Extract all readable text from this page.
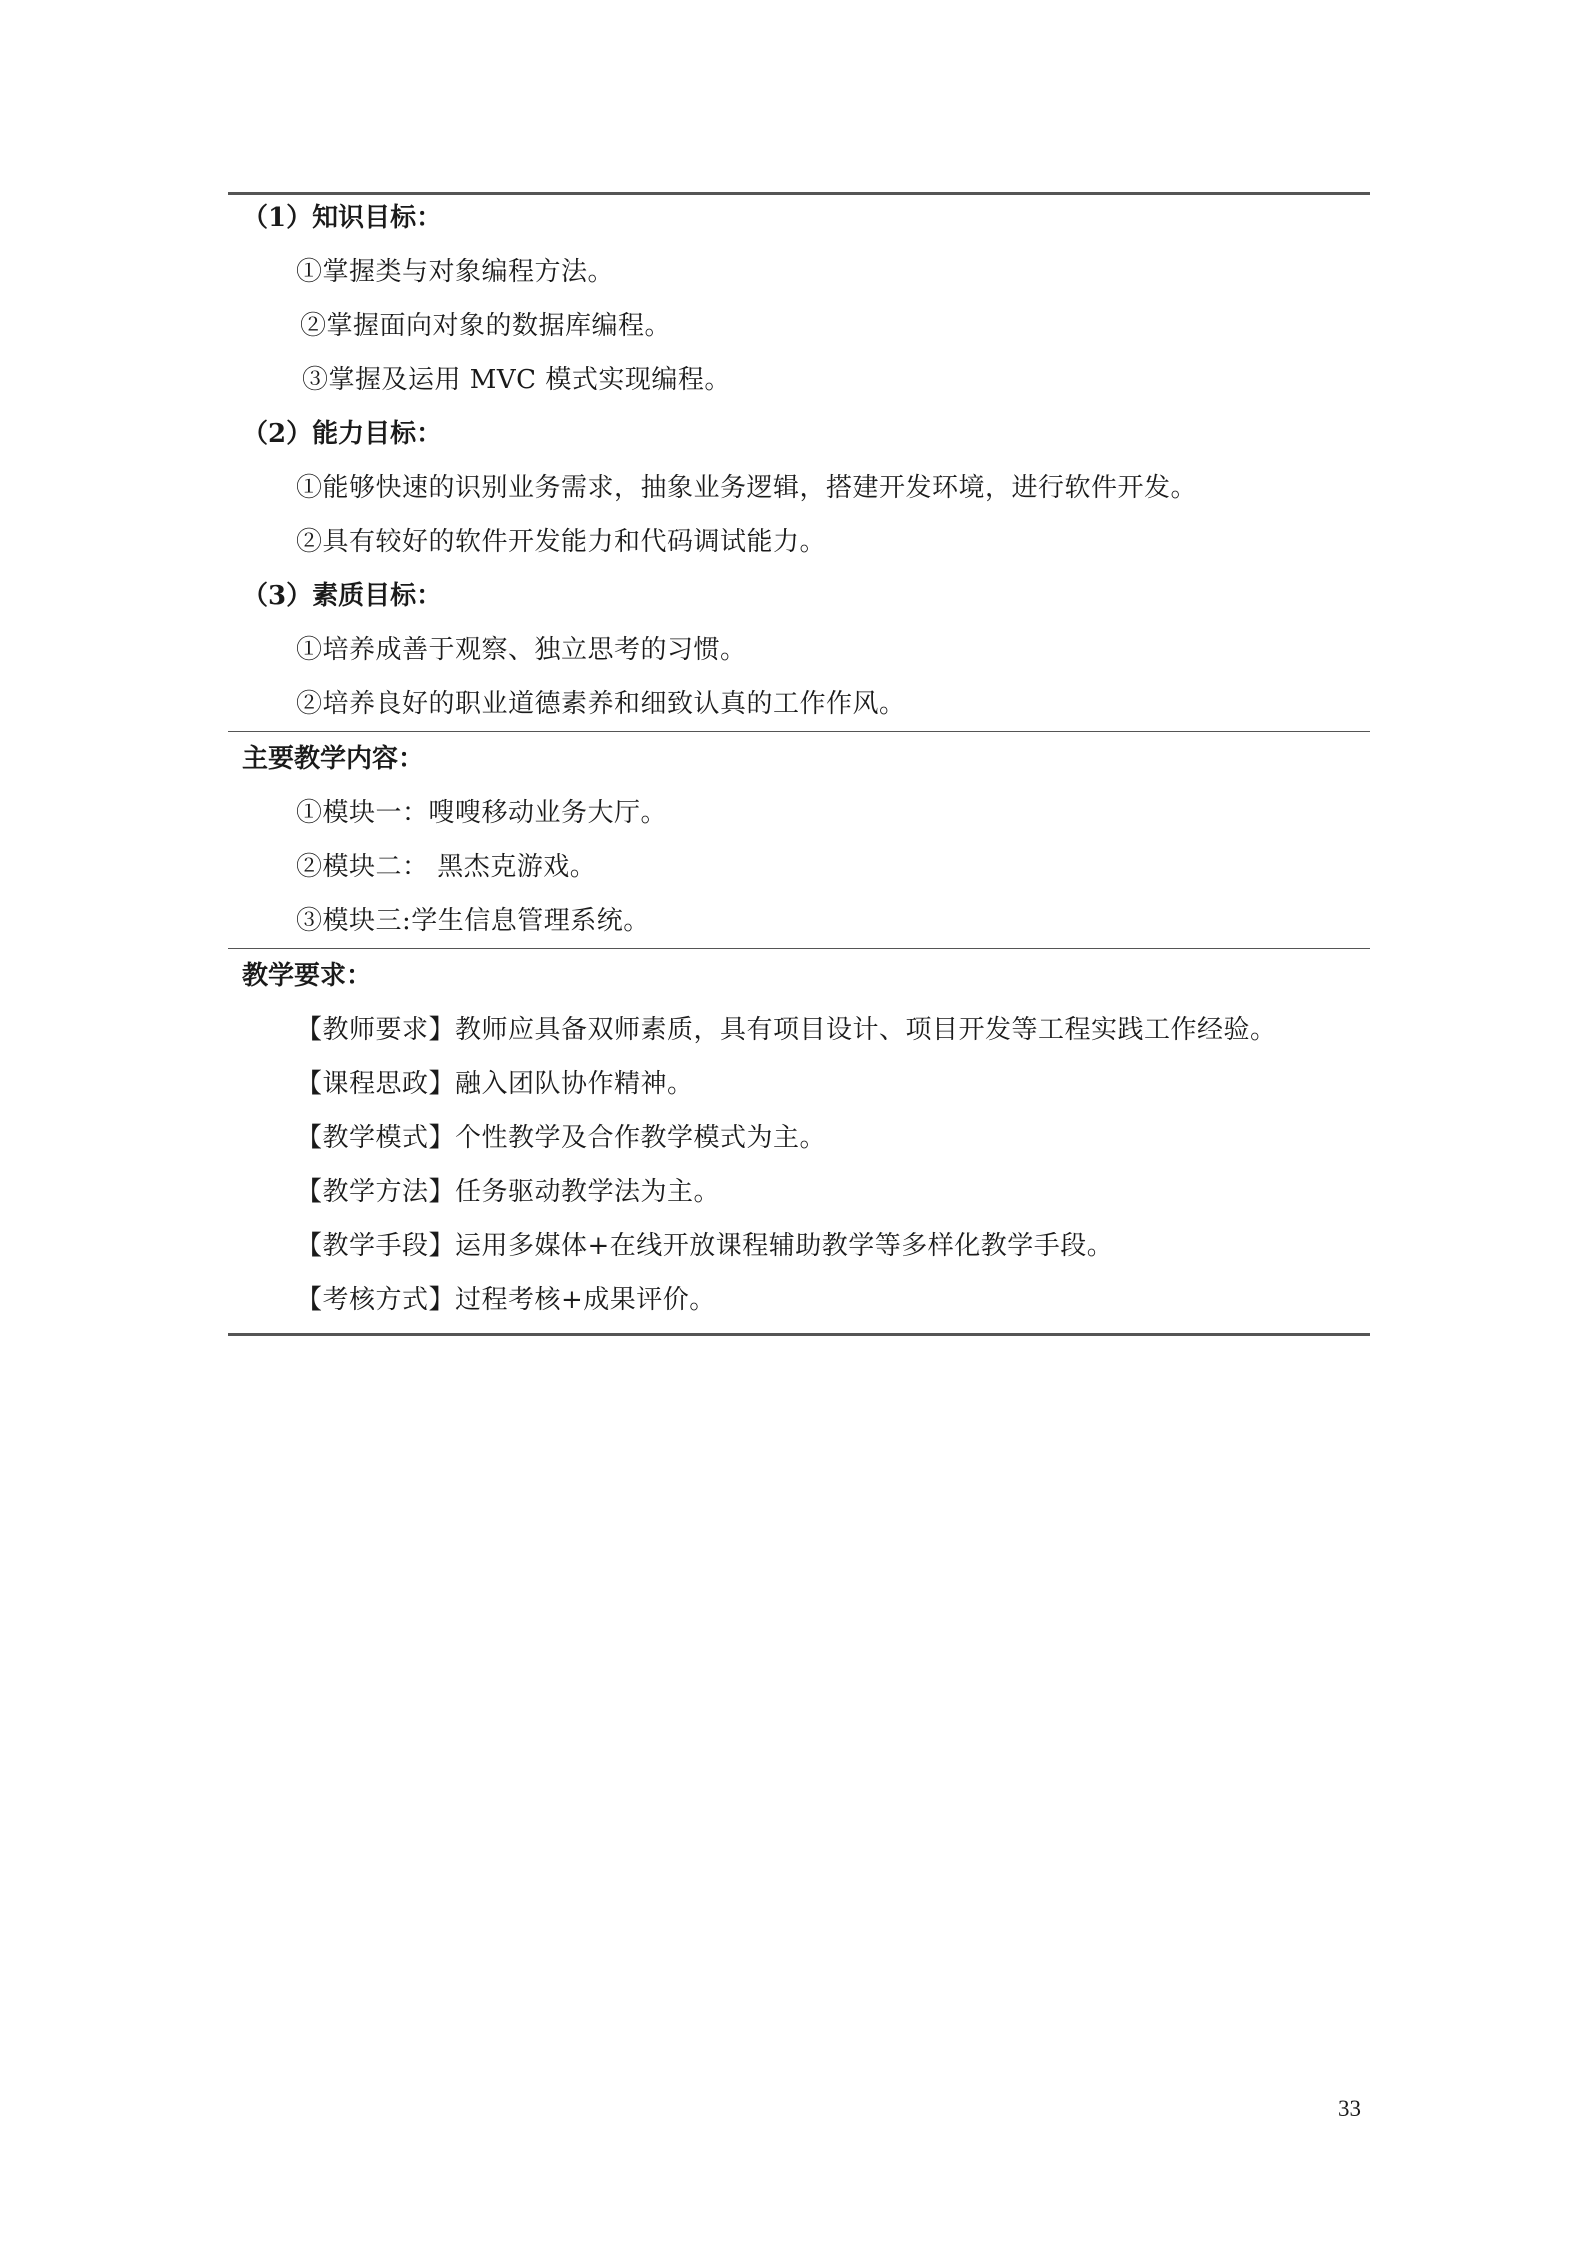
（1）知识目标：
①掌握类与对象编程方法。
②掌握面向对象的数据库编程。
③掌握及运用 MVC 模式实现编程。
（2）能力目标：
①能够快速的识别业务需求，抽象业务逻辑，搭建开发环境，进行软件开发。
②具有较好的软件开发能力和代码调试能力。
（3）素质目标：
①培养成善于观察、独立思考的习惯。
②培养良好的职业道德素养和细致认真的工作作风。
主要教学内容：
①模块一：嗖嗖移动业务大厅。
②模块二： 黑杰克游戏。
③模块三:学生信息管理系统。
教学要求：
【教师要求】教师应具备双师素质，具有项目设计、项目开发等工程实践工作经验。
【课程思政】融入团队协作精神。
【教学模式】个性教学及合作教学模式为主。
【教学方法】任务驱动教学法为主。
【教学手段】运用多媒体+在线开放课程辅助教学等多样化教学手段。
【考核方式】过程考核+成果评价。
33
